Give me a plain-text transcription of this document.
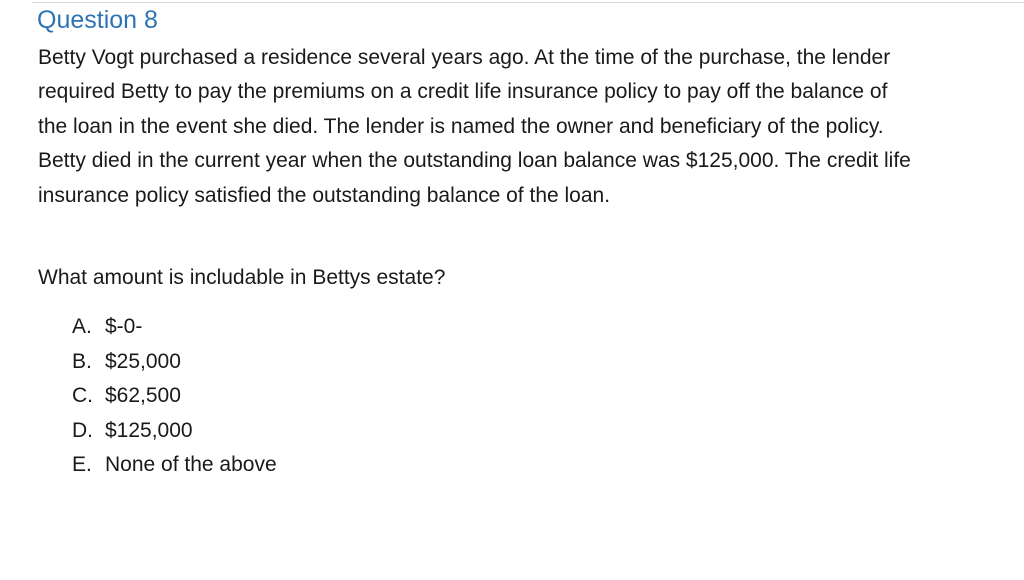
Question 8
Betty Vogt purchased a residence several years ago. At the time of the purchase, the lender required Betty to pay the premiums on a credit life insurance policy to pay off the balance of the loan in the event she died. The lender is named the owner and beneficiary of the policy. Betty died in the current year when the outstanding loan balance was $125,000. The credit life insurance policy satisfied the outstanding balance of the loan.
What amount is includable in Bettys estate?
A. $-0-
B. $25,000
C. $62,500
D. $125,000
E. None of the above
